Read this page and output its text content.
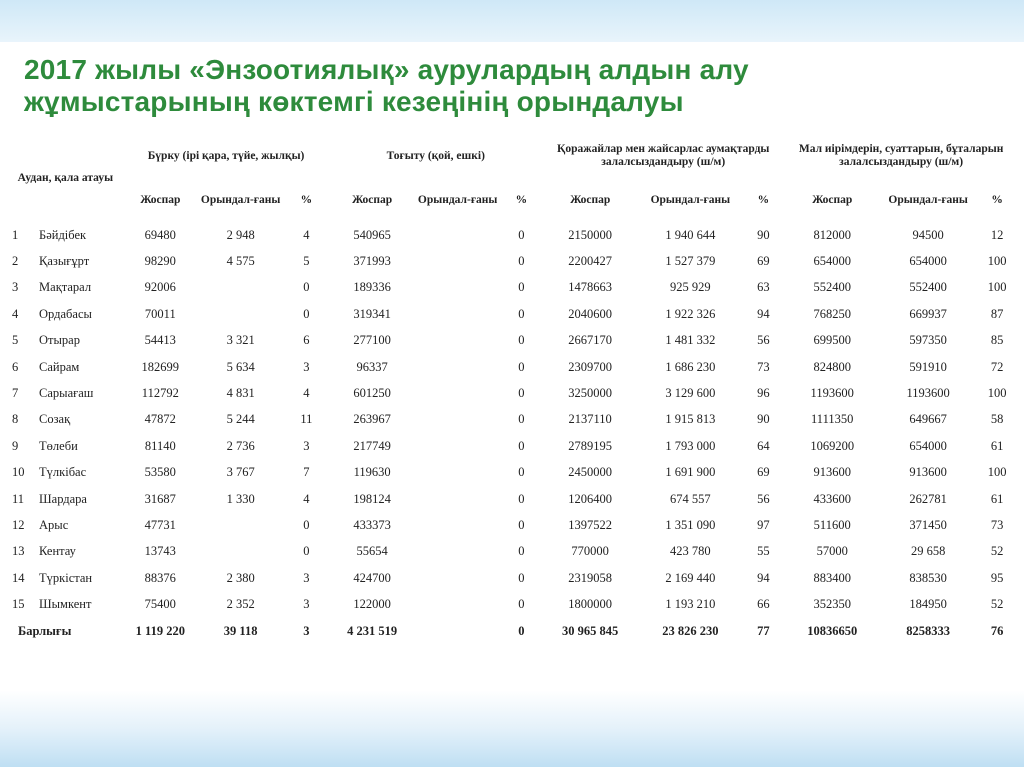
2017 жылы «Энзоотиялық» аурулардың алдын алу
жұмыстарының көктемгі кезеңінің орындалуы
Аудан, қала атауы		Бүрку (ірі қара, түйе, жылқы)			Тоғыту (қой, ешкі)			Қоражайлар мен жайсарлас аумақтарды залалсыздандыру (ш/м)			Мал иірімдерін, суаттарын, бұталарын залалсыздандыру (ш/м)		
		Жоспар	Орындал-ғаны	%	Жоспар	Орындал-ғаны	%	Жоспар	Орындал-ғаны	%	Жоспар	Орындал-ғаны	%
1	Бәйдібек	69480	2 948	4	540965		0	2150000	1 940 644	90	812000	94500	12
2	Қазығұрт	98290	4 575	5	371993		0	2200427	1 527 379	69	654000	654000	100
3	Мақтарал	92006		0	189336		0	1478663	925 929	63	552400	552400	100
4	Ордабасы	70011		0	319341		0	2040600	1 922 326	94	768250	669937	87
5	Отырар	54413	3 321	6	277100		0	2667170	1 481 332	56	699500	597350	85
6	Сайрам	182699	5 634	3	96337		0	2309700	1 686 230	73	824800	591910	72
7	Сарыағаш	112792	4 831	4	601250		0	3250000	3 129 600	96	1193600	1193600	100
8	Созақ	47872	5 244	11	263967		0	2137110	1 915 813	90	1111350	649667	58
9	Төлеби	81140	2 736	3	217749		0	2789195	1 793 000	64	1069200	654000	61
10	Түлкібас	53580	3 767	7	119630		0	2450000	1 691 900	69	913600	913600	100
11	Шардара	31687	1 330	4	198124		0	1206400	674 557	56	433600	262781	61
12	Арыс	47731		0	433373		0	1397522	1 351 090	97	511600	371450	73
13	Кентау	13743		0	55654		0	770000	423 780	55	57000	29 658	52
14	Түркістан	88376	2 380	3	424700		0	2319058	2 169 440	94	883400	838530	95
15	Шымкент	75400	2 352	3	122000		0	1800000	1 193 210	66	352350	184950	52
Барлығы		1 119 220	39 118	3	4 231 519		0	30 965 845	23 826 230	77	10836650	8258333	76
